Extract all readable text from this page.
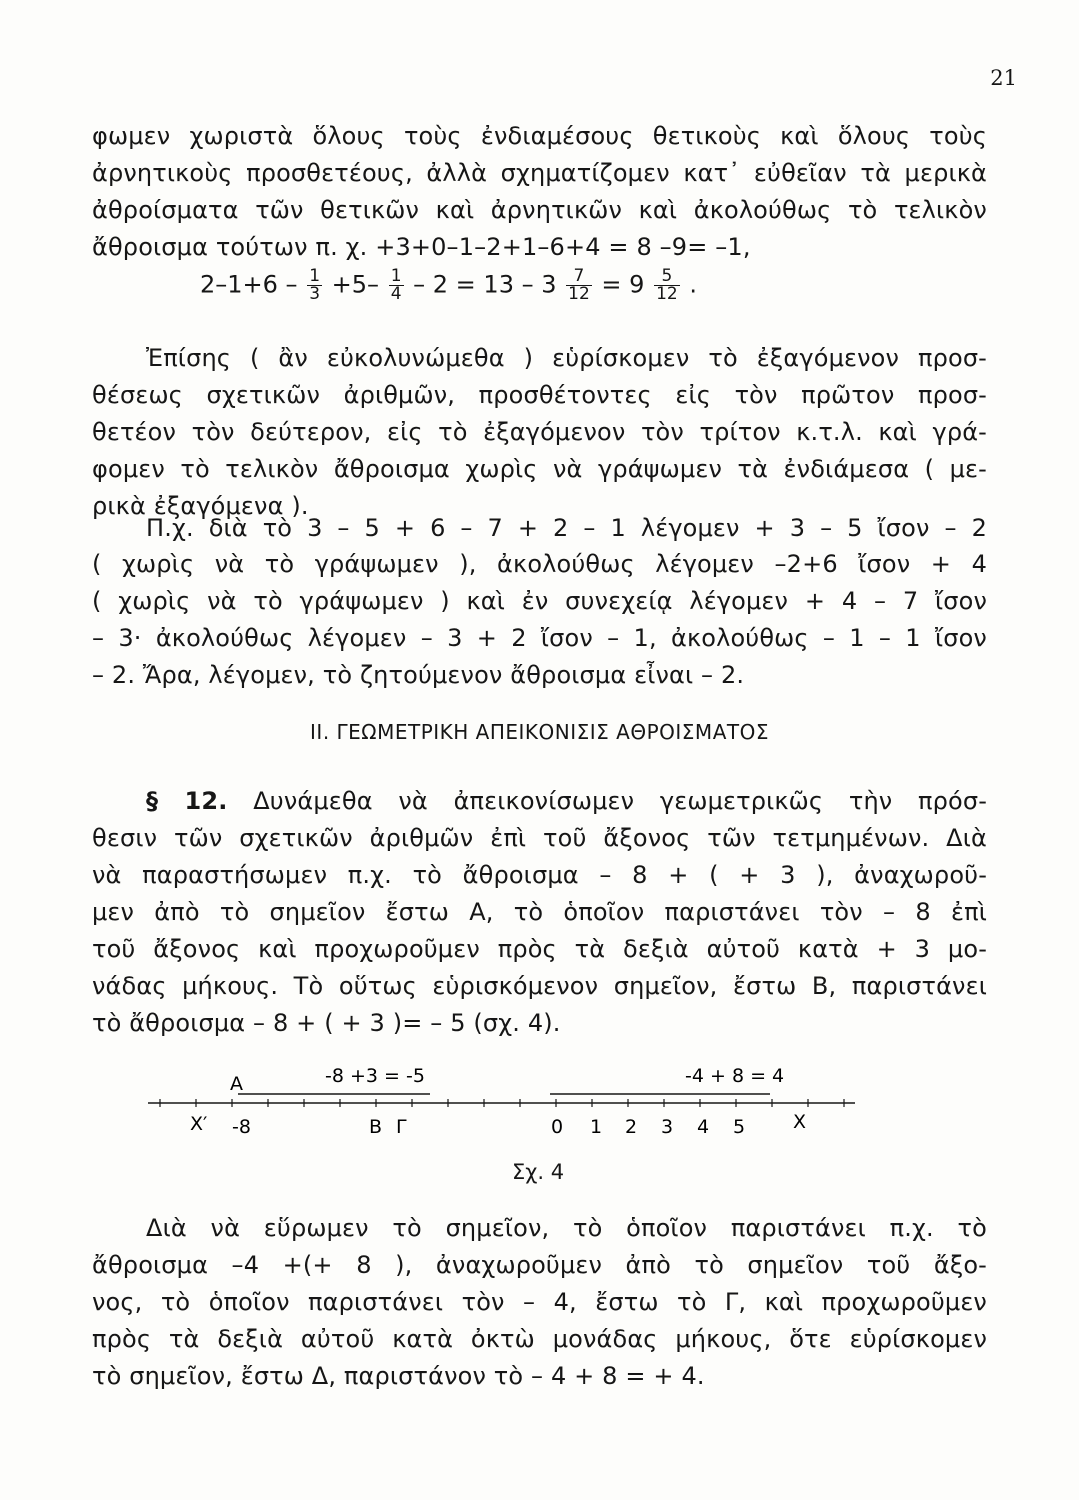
21
φωμεν χωριστὰ ὅλους τοὺς ἐνδιαμέσους θετικοὺς καὶ ὅλους τοὺς
ἀρνητικοὺς προσθετέους, ἀλλὰ σχηματίζομεν κατ᾽ εὐθεῖαν τὰ μερικὰ
ἀθροίσματα τῶν θετικῶν καὶ ἀρνητικῶν καὶ ἀκολούθως τὸ τελικὸν
ἄθροισμα τούτων π. χ. +3+0–1–2+1–6+4 = 8 –9= –1,
$2-1+6 - \frac{1}{3} +5- \frac{1}{4} - 2 = 13 - 3 \frac{7}{12} = 9 \frac{5}{12}$ .
Ἐπίσης ( ἂν εὐκολυνώμεθα ) εὑρίσκομεν τὸ ἐξαγόμενον προσ-
θέσεως σχετικῶν ἀριθμῶν, προσθέτοντες εἰς τὸν πρῶτον προσ-
θετέον τὸν δεύτερον, εἰς τὸ ἐξαγόμενον τὸν τρίτον κ.τ.λ. καὶ γρά-
φομεν τὸ τελικὸν ἄθροισμα χωρὶς νὰ γράψωμεν τὰ ἐνδιάμεσα ( με-
ρικὰ ἐξαγόμενα ).
Π.χ. διὰ τὸ 3 – 5 + 6 – 7 + 2 – 1 λέγομεν + 3 – 5 ἴσον – 2
( χωρὶς νὰ τὸ γράψωμεν ), ἀκολούθως λέγομεν –2+6 ἴσον + 4
( χωρὶς νὰ τὸ γράψωμεν ) καὶ ἐν συνεχείᾳ λέγομεν + 4 – 7 ἴσον
– 3· ἀκολούθως λέγομεν – 3 + 2 ἴσον – 1, ἀκολούθως – 1 – 1 ἴσον
– 2. Ἄρα, λέγομεν, τὸ ζητούμενον ἄθροισμα εἶναι – 2.
ΙΙ. ΓΕΩΜΕΤΡΙΚΗ ΑΠΕΙΚΟΝΙΣΙΣ ΑΘΡΟΙΣΜΑΤΟΣ
§ 12. Δυνάμεθα νὰ ἀπεικονίσωμεν γεωμετρικῶς τὴν πρόσ-
θεσιν τῶν σχετικῶν ἀριθμῶν ἐπὶ τοῦ ἄξονος τῶν τετμημένων. Διὰ
νὰ παραστήσωμεν π.χ. τὸ ἄθροισμα – 8 + ( + 3 ), ἀναχωροῦ-
μεν ἀπὸ τὸ σημεῖον ἔστω Α, τὸ ὁποῖον παριστάνει τὸν – 8 ἐπὶ
τοῦ ἄξονος καὶ προχωροῦμεν πρὸς τὰ δεξιὰ αὐτοῦ κατὰ + 3 μο-
νάδας μήκους. Τὸ οὕτως εὑρισκόμενον σημεῖον, ἔστω Β, παριστάνει
τὸ ἄθροισμα – 8 + ( + 3 )= – 5 (σχ. 4).
-8 +3 = -5	-4 + 8 = 4
A
X′ -8	B Γ	0 1 2 3 4 5	X
Σχ. 4
Διὰ νὰ εὕρωμεν τὸ σημεῖον, τὸ ὁποῖον παριστάνει π.χ. τὸ
ἄθροισμα –4 +(+ 8 ), ἀναχωροῦμεν ἀπὸ τὸ σημεῖον τοῦ ἄξο-
νος, τὸ ὁποῖον παριστάνει τὸν – 4, ἔστω τὸ Γ, καὶ προχωροῦμεν
πρὸς τὰ δεξιὰ αὐτοῦ κατὰ ὀκτὼ μονάδας μήκους, ὅτε εὑρίσκομεν
τὸ σημεῖον, ἔστω Δ, παριστάνον τὸ – 4 + 8 = + 4.
